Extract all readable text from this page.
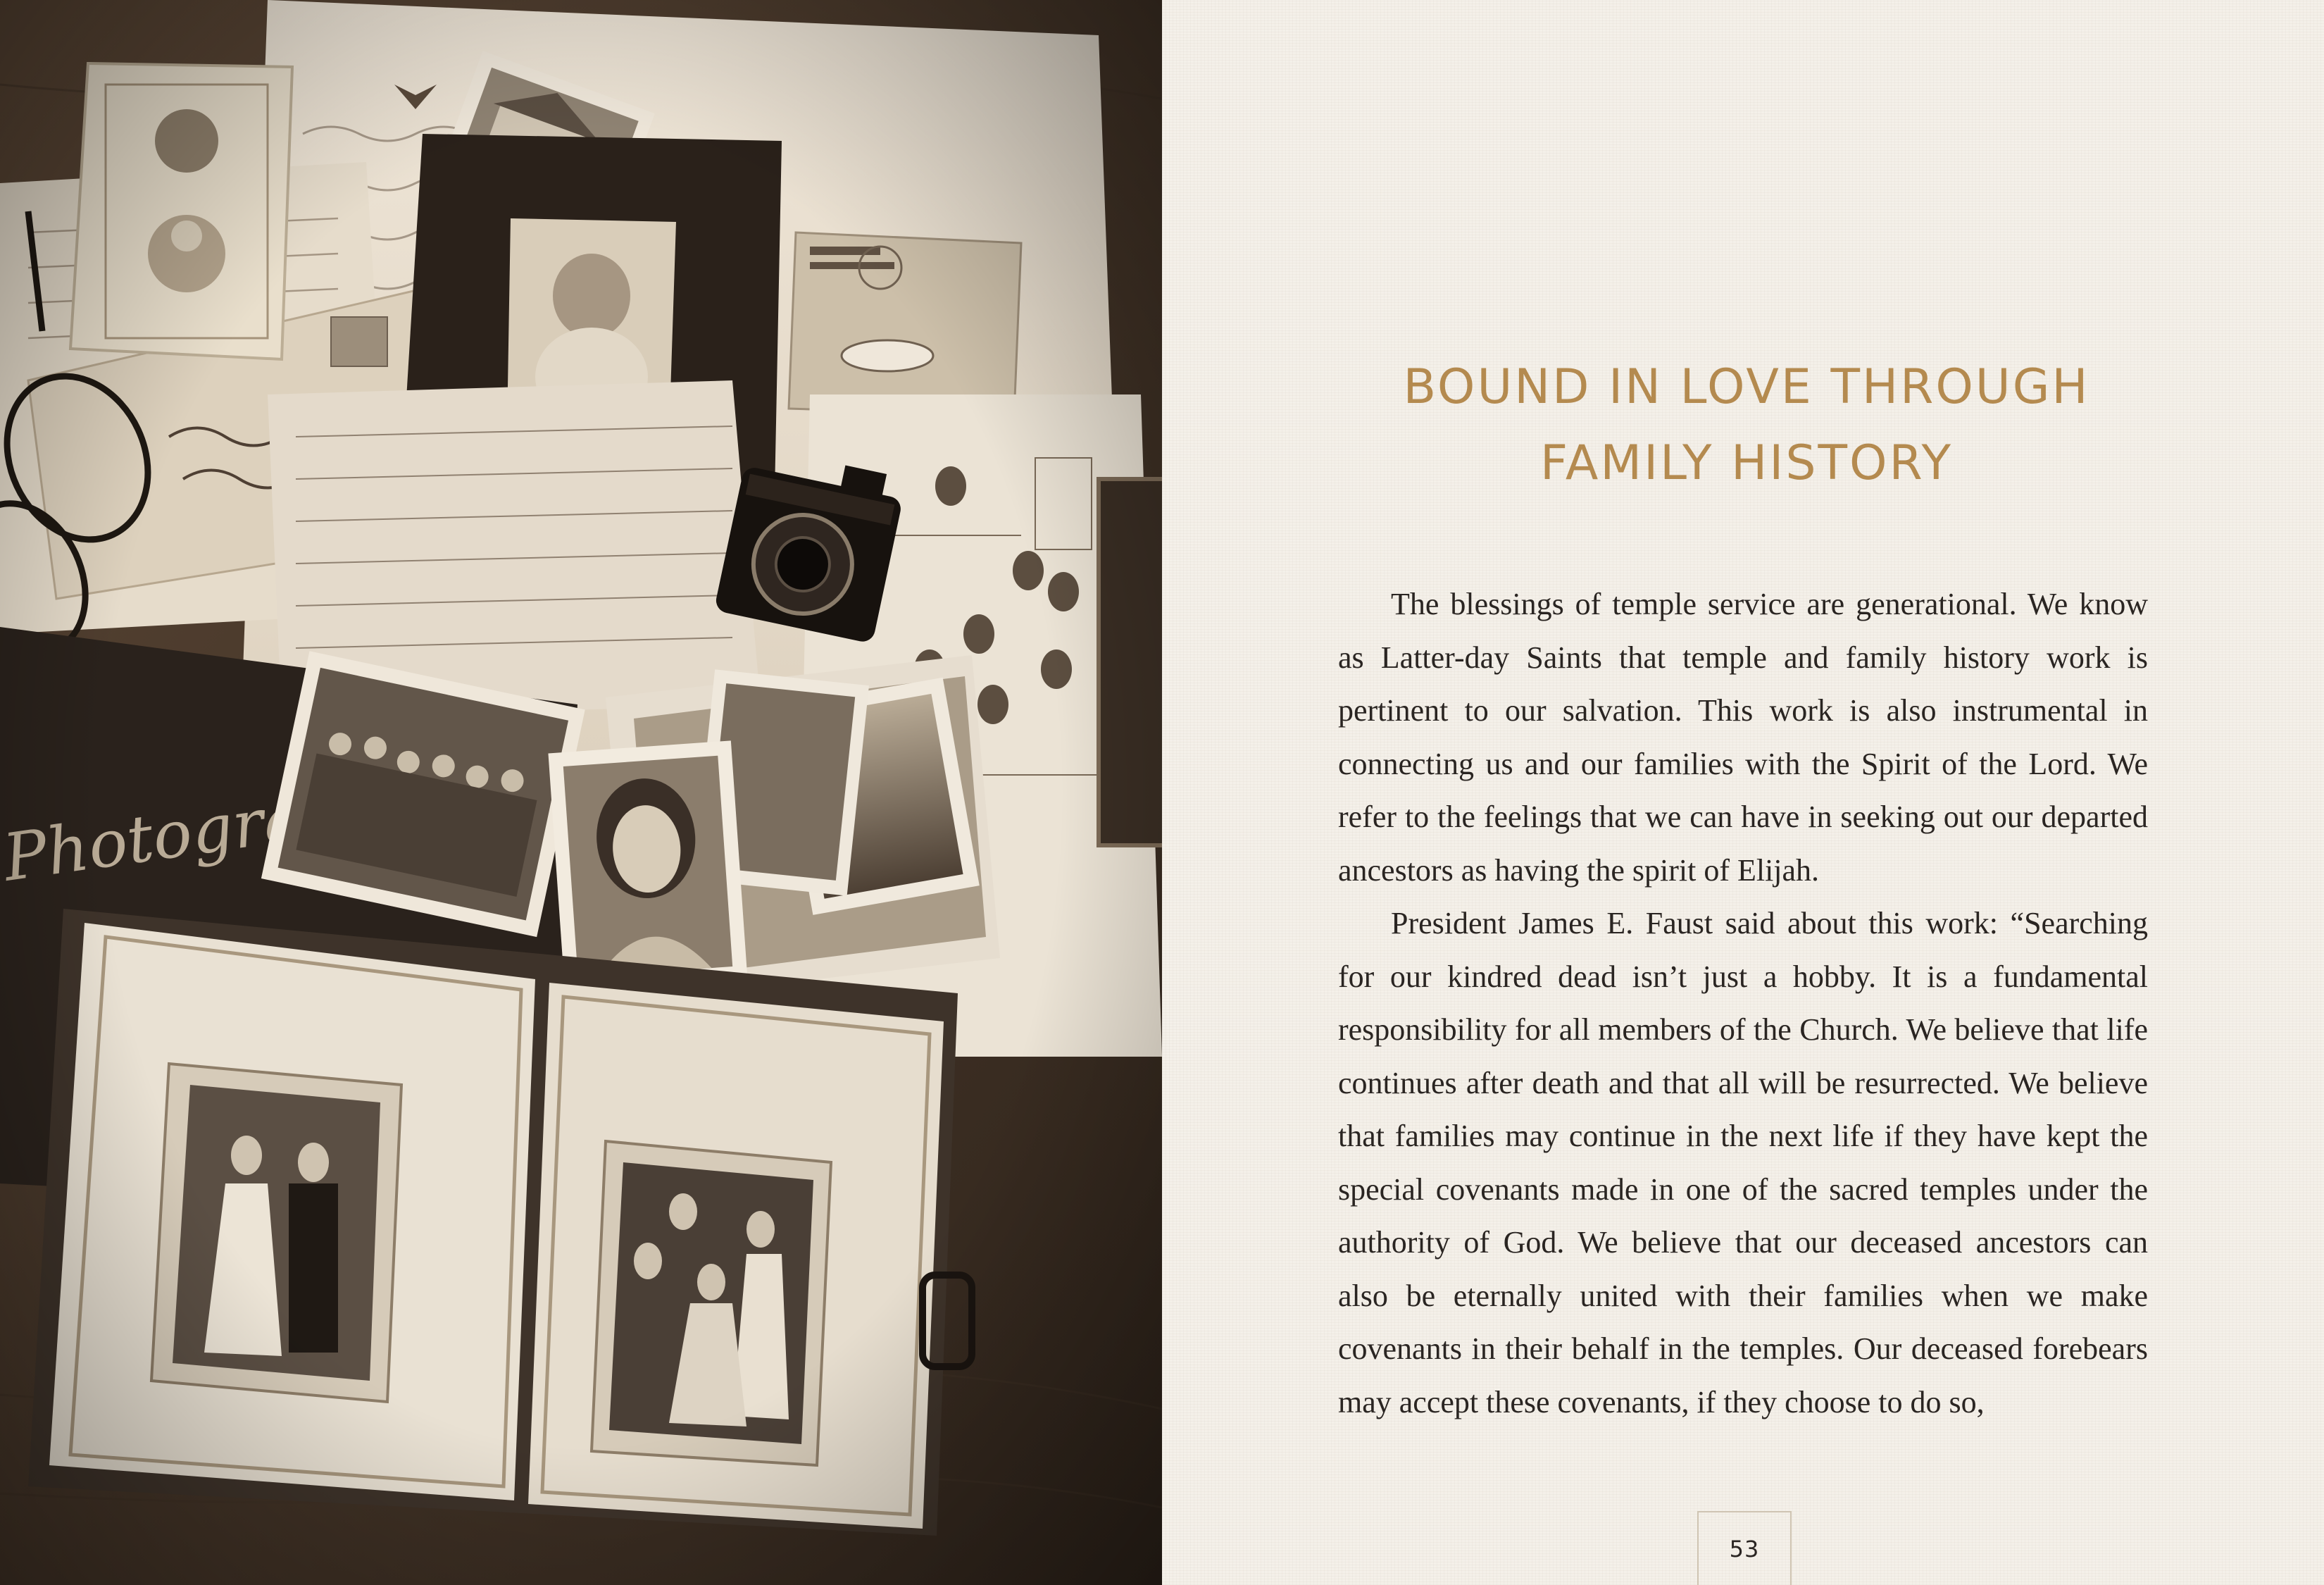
BOUND IN LOVE THROUGH
FAMILY HISTORY

The blessings of temple service are generational. We know as Latter-day Saints that temple and family history work is pertinent to our salvation. This work is also instrumental in connecting us and our families with the Spirit of the Lord. We refer to the feelings that we can have in seeking out our departed ancestors as having the spirit of Elijah.

President James E. Faust said about this work: “Searching for our kindred dead isn’t just a hobby. It is a fundamental responsibility for all members of the Church. We believe that life continues after death and that all will be resurrected. We believe that families may continue in the next life if they have kept the special covenants made in one of the sacred temples under the authority of God. We believe that our deceased ancestors can also be eternally united with their families when we make covenants in their behalf in the temples. Our deceased forebears may accept these covenants, if they choose to do so,

53
